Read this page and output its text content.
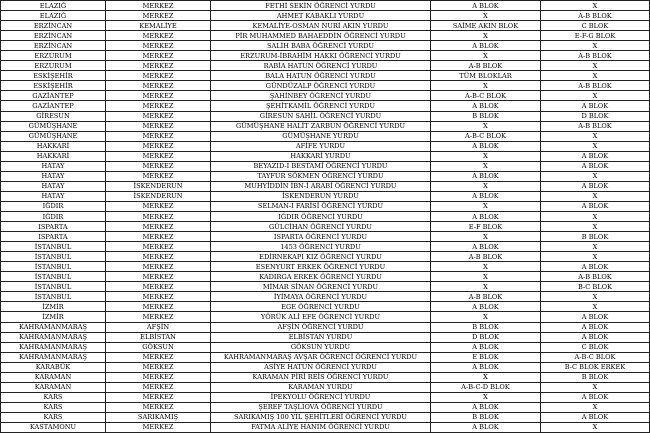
ELAZIĞ	MERKEZ	FETHİ SEKİN ÖĞRENCİ YURDU	A BLOK	X
ELAZIĞ	MERKEZ	AHMET KABAKLI YURDU	X	A-B BLOK
ERZİNCAN	KEMALİYE	KEMALİYE-OSMAN NURİ AKIN YURDU	SAİME AKIN BLOK	C BLOK
ERZİNCAN	MERKEZ	PİR MUHAMMED BAHAEDDİN ÖĞRENCİ YURDU	X	E-F-G BLOK
ERZİNCAN	MERKEZ	SALİH BABA ÖĞRENCİ YURDU	A BLOK	X
ERZURUM	MERKEZ	ERZURUM-İBRAHİM HAKKI ÖĞRENCİ YURDU	X	A-B BLOK
ERZURUM	MERKEZ	RABİA HATUN ÖĞRENCİ YURDU	A-B BLOK	X
ESKİŞEHİR	MERKEZ	BALA HATUN ÖĞRENCİ YURDU	TÜM BLOKLAR	X
ESKİŞEHİR	MERKEZ	GÜNDÜZALP ÖĞRENCİ YURDU	X	A-B BLOK
GAZİANTEP	MERKEZ	ŞAHİNBEY ÖĞRENCİ YURDU	A-B-C BLOK	X
GAZİANTEP	MERKEZ	ŞEHİTKAMİL ÖĞRENCİ YURDU	A BLOK	A BLOK
GİRESUN	MERKEZ	GİRESUN SAHİL ÖĞRENCİ YURDU	B BLOK	D BLOK
GÜMÜŞHANE	MERKEZ	GÜMÜŞHANE HALİT ZARBUN ÖĞRENCİ YURDU	X	A-B BLOK
GÜMÜŞHANE	MERKEZ	GÜMÜŞHANE YURDU	A-B-C BLOK	X
HAKKARİ	MERKEZ	AFİFE YURDU	A BLOK	X
HAKKARİ	MERKEZ	HAKKARİ YURDU	X	A BLOK
HATAY	MERKEZ	BEYAZID-I BESTAMİ ÖĞRENCİ YURDU	X	A BLOK
HATAY	MERKEZ	TAYFUR SÖKMEN ÖĞRENCİ YURDU	A BLOK	X
HATAY	İSKENDERUN	MUHYİDDİN İBN-İ ARABİ ÖĞRENCİ YURDU	X	A BLOK
HATAY	İSKENDERUN	İSKENDERUN YURDU	A BLOK	X
IĞDIR	MERKEZ	SELMAN-I FARİSİ ÖĞRENCİ YURDU	X	A BLOK
IĞDIR	MERKEZ	IĞDIR ÖĞRENCİ YURDU	A BLOK	X
ISPARTA	MERKEZ	GÜLCİHAN ÖĞRENCİ YURDU	E-F BLOK	X
ISPARTA	MERKEZ	ISPARTA ÖĞRENCİ YURDU	X	B BLOK
İSTANBUL	MERKEZ	1453 ÖĞRENCİ YURDU	A BLOK	X
İSTANBUL	MERKEZ	EDİRNEKAPI KIZ ÖĞRENCİ YURDU	A-B BLOK	X
İSTANBUL	MERKEZ	ESENYURT ERKEK ÖĞRENCİ YURDU	X	A BLOK
İSTANBUL	MERKEZ	KADIRGA ERKEK ÖĞRENCİ YURDU	X	A-B BLOK
İSTANBUL	MERKEZ	MİMAR SİNAN ÖĞRENCİ YURDU	X	B-C BLOK
İSTANBUL	MERKEZ	İYİMAYA ÖĞRENCİ YURDU	A-B BLOK	X
İZMİR	MERKEZ	EGE ÖĞRENCİ YURDU	A BLOK	X
İZMİR	MERKEZ	YÖRÜK ALİ EFE ÖĞRENCİ YURDU	X	A BLOK
KAHRAMANMARAŞ	AFŞİN	AFŞİN ÖĞRENCİ YURDU	B BLOK	A BLOK
KAHRAMANMARAŞ	ELBİSTAN	ELBİSTAN YURDU	D BLOK	A BLOK
KAHRAMANMARAŞ	GÖKSUN	GÖKSUN YURDU	A BLOK	C BLOK
KAHRAMANMARAŞ	MERKEZ	KAHRAMANMARAŞ AVŞAR ÖĞRENCİ ÖĞRENCİ YURDU	E BLOK	A-B-C BLOK
KARABÜK	MERKEZ	ASİYE HATUN ÖĞRENCİ YURDU	A BLOK	B-C BLOK ERKEK
KARAMAN	MERKEZ	KARAMAN PİRİ REİS ÖĞRENCİ YURDU	X	B BLOK
KARAMAN	MERKEZ	KARAMAN YURDU	A-B-C-D BLOK	X
KARS	MERKEZ	İPEKYOLU ÖĞRENCİ YURDU	X	A BLOK
KARS	MERKEZ	ŞEREF TAŞLIOVA ÖĞRENCİ YURDU	A BLOK	X
KARS	SARIKAMIŞ	SARIKAMIŞ 100 YIL ŞEHİTLERİ ÖĞRENCİ YURDU	B BLOK	A BLOK
KASTAMONU	MERKEZ	FATMA ALİYE HANIM ÖĞRENCİ YURDU	A BLOK	X
